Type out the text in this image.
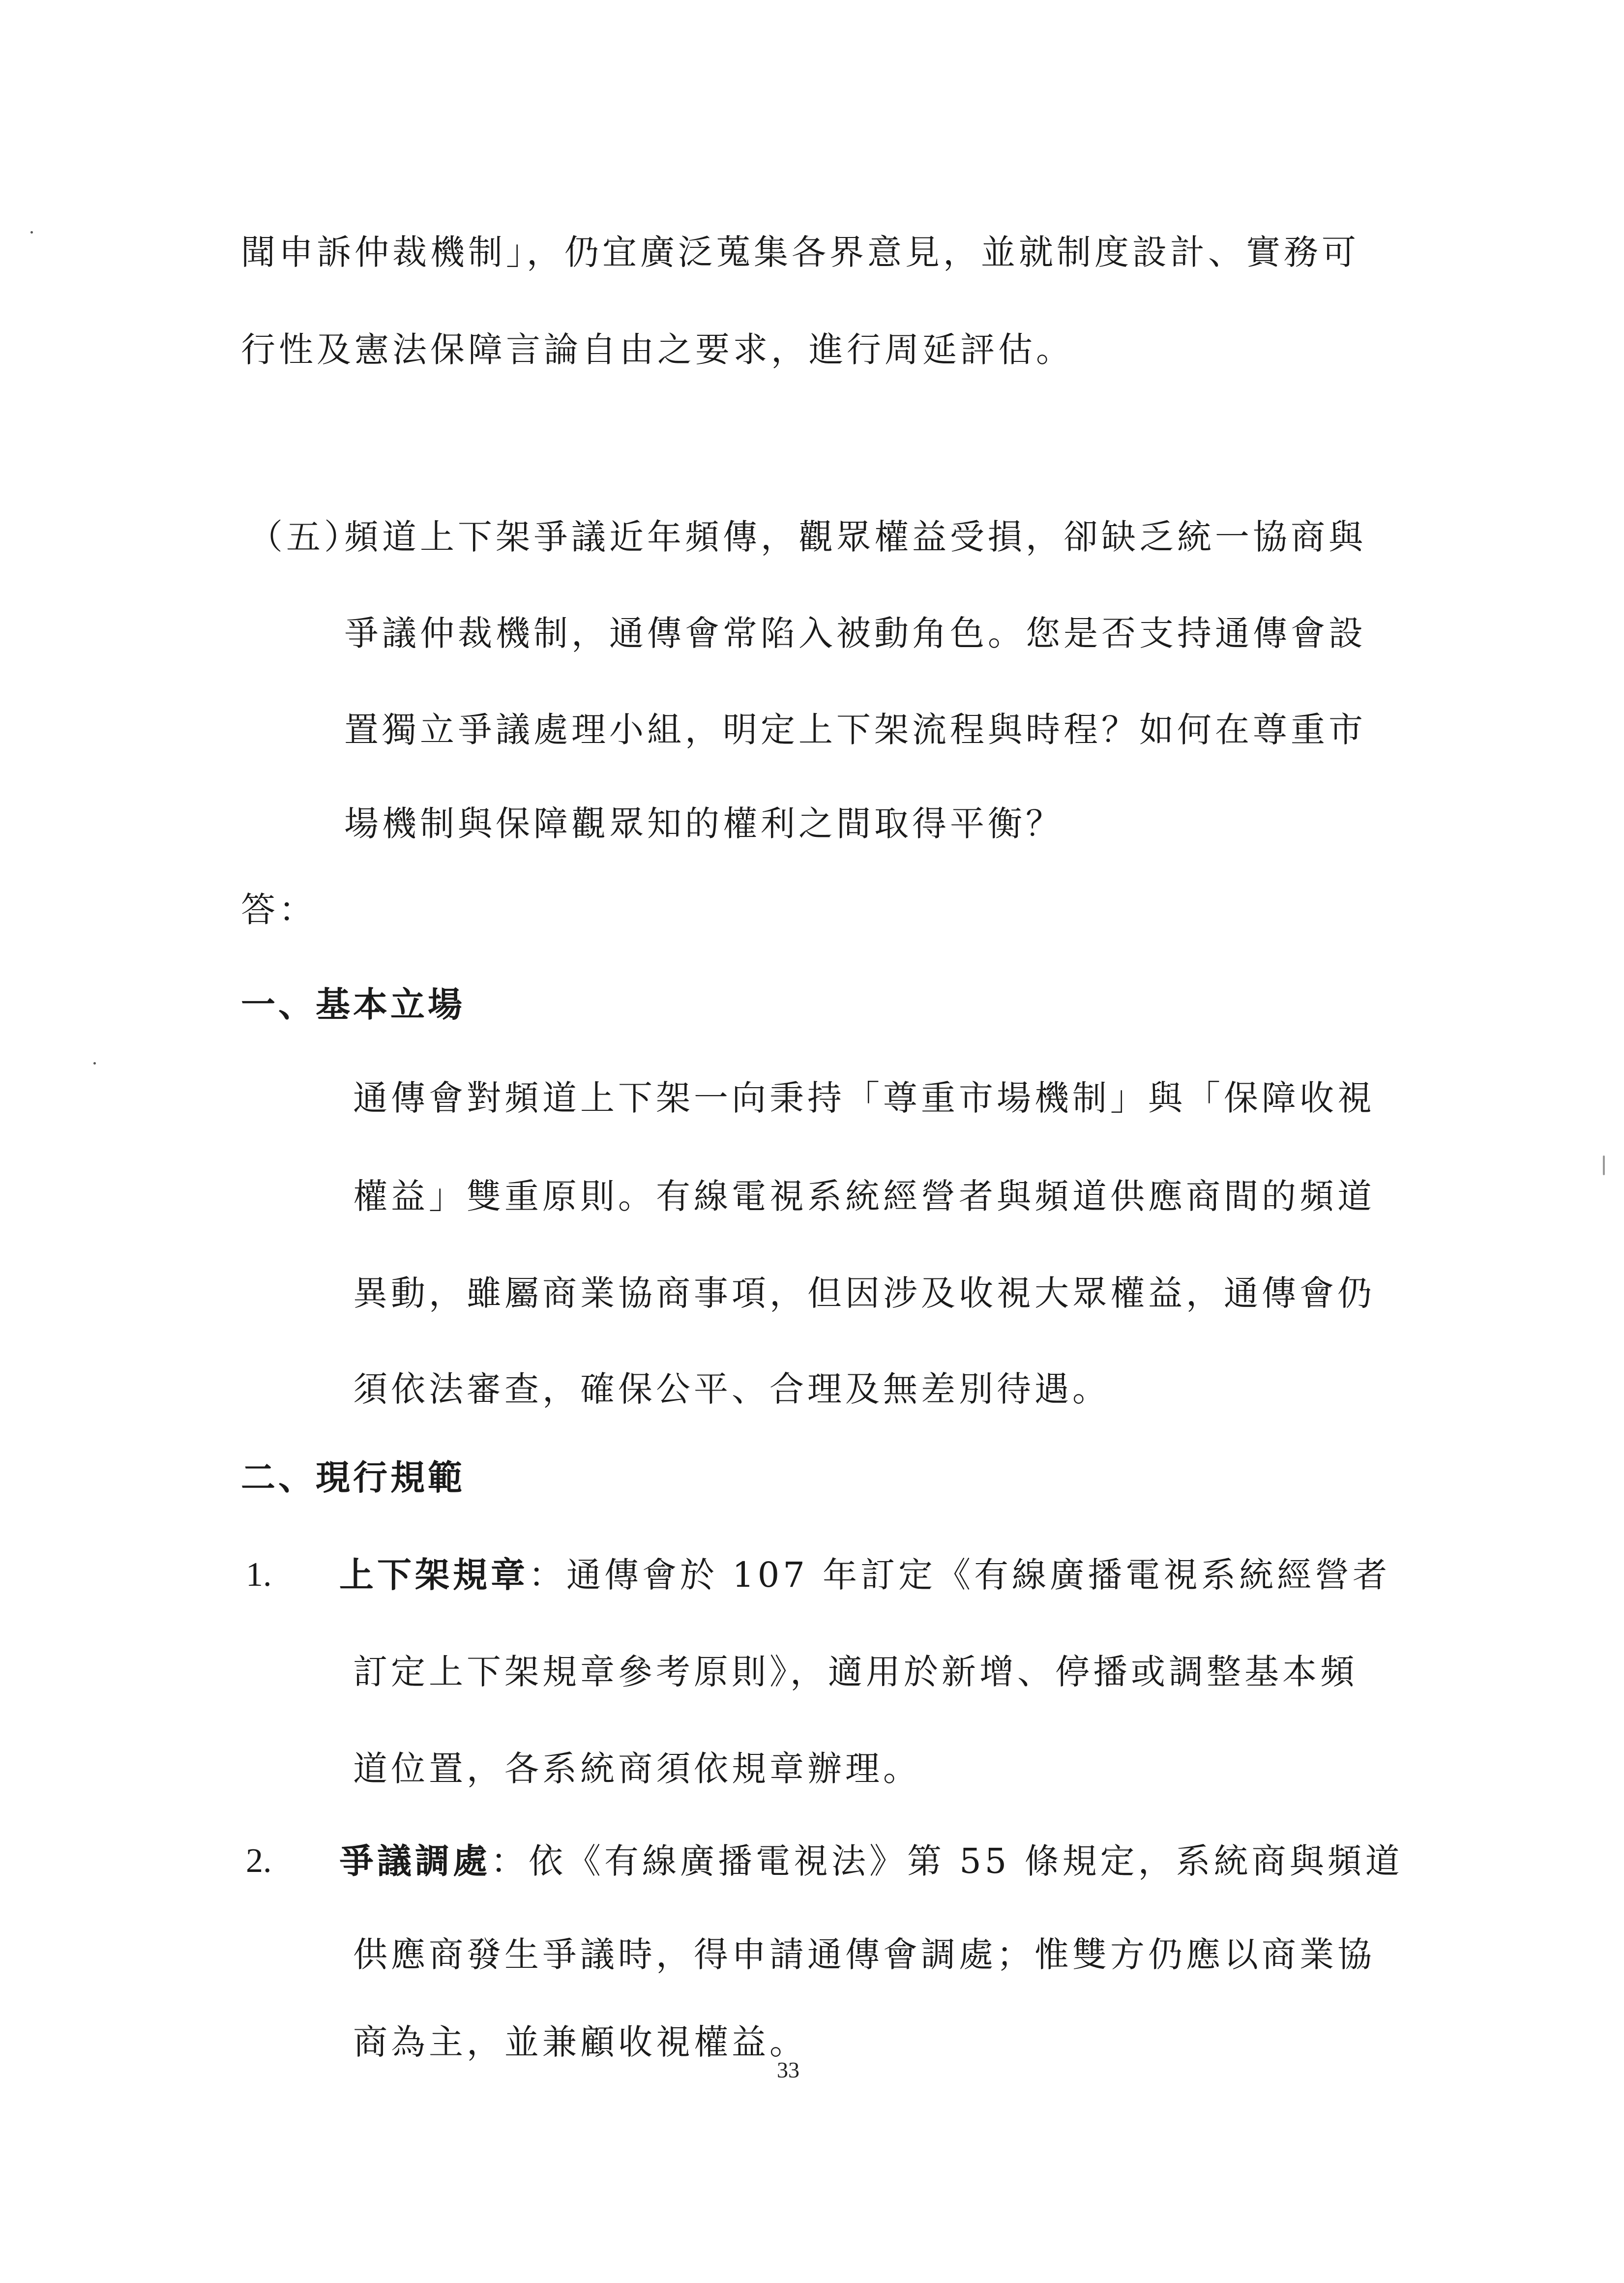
聞申訴仲裁機制」，仍宜廣泛蒐集各界意見，並就制度設計、實務可
行性及憲法保障言論自由之要求，進行周延評估。
（五）
頻道上下架爭議近年頻傳，觀眾權益受損，卻缺乏統一協商與
爭議仲裁機制，通傳會常陷入被動角色。您是否支持通傳會設
置獨立爭議處理小組，明定上下架流程與時程？如何在尊重市
場機制與保障觀眾知的權利之間取得平衡？
答：
一、基本立場
通傳會對頻道上下架一向秉持「尊重市場機制」與「保障收視
權益」雙重原則。有線電視系統經營者與頻道供應商間的頻道
異動，雖屬商業協商事項，但因涉及收視大眾權益，通傳會仍
須依法審查，確保公平、合理及無差別待遇。
二、現行規範
1. 上下架規章：通傳會於 107 年訂定《有線廣播電視系統經營者
訂定上下架規章參考原則》，適用於新增、停播或調整基本頻
道位置，各系統商須依規章辦理。
2. 爭議調處：依《有線廣播電視法》第 55 條規定，系統商與頻道
供應商發生爭議時，得申請通傳會調處；惟雙方仍應以商業協
商為主，並兼顧收視權益。
33
